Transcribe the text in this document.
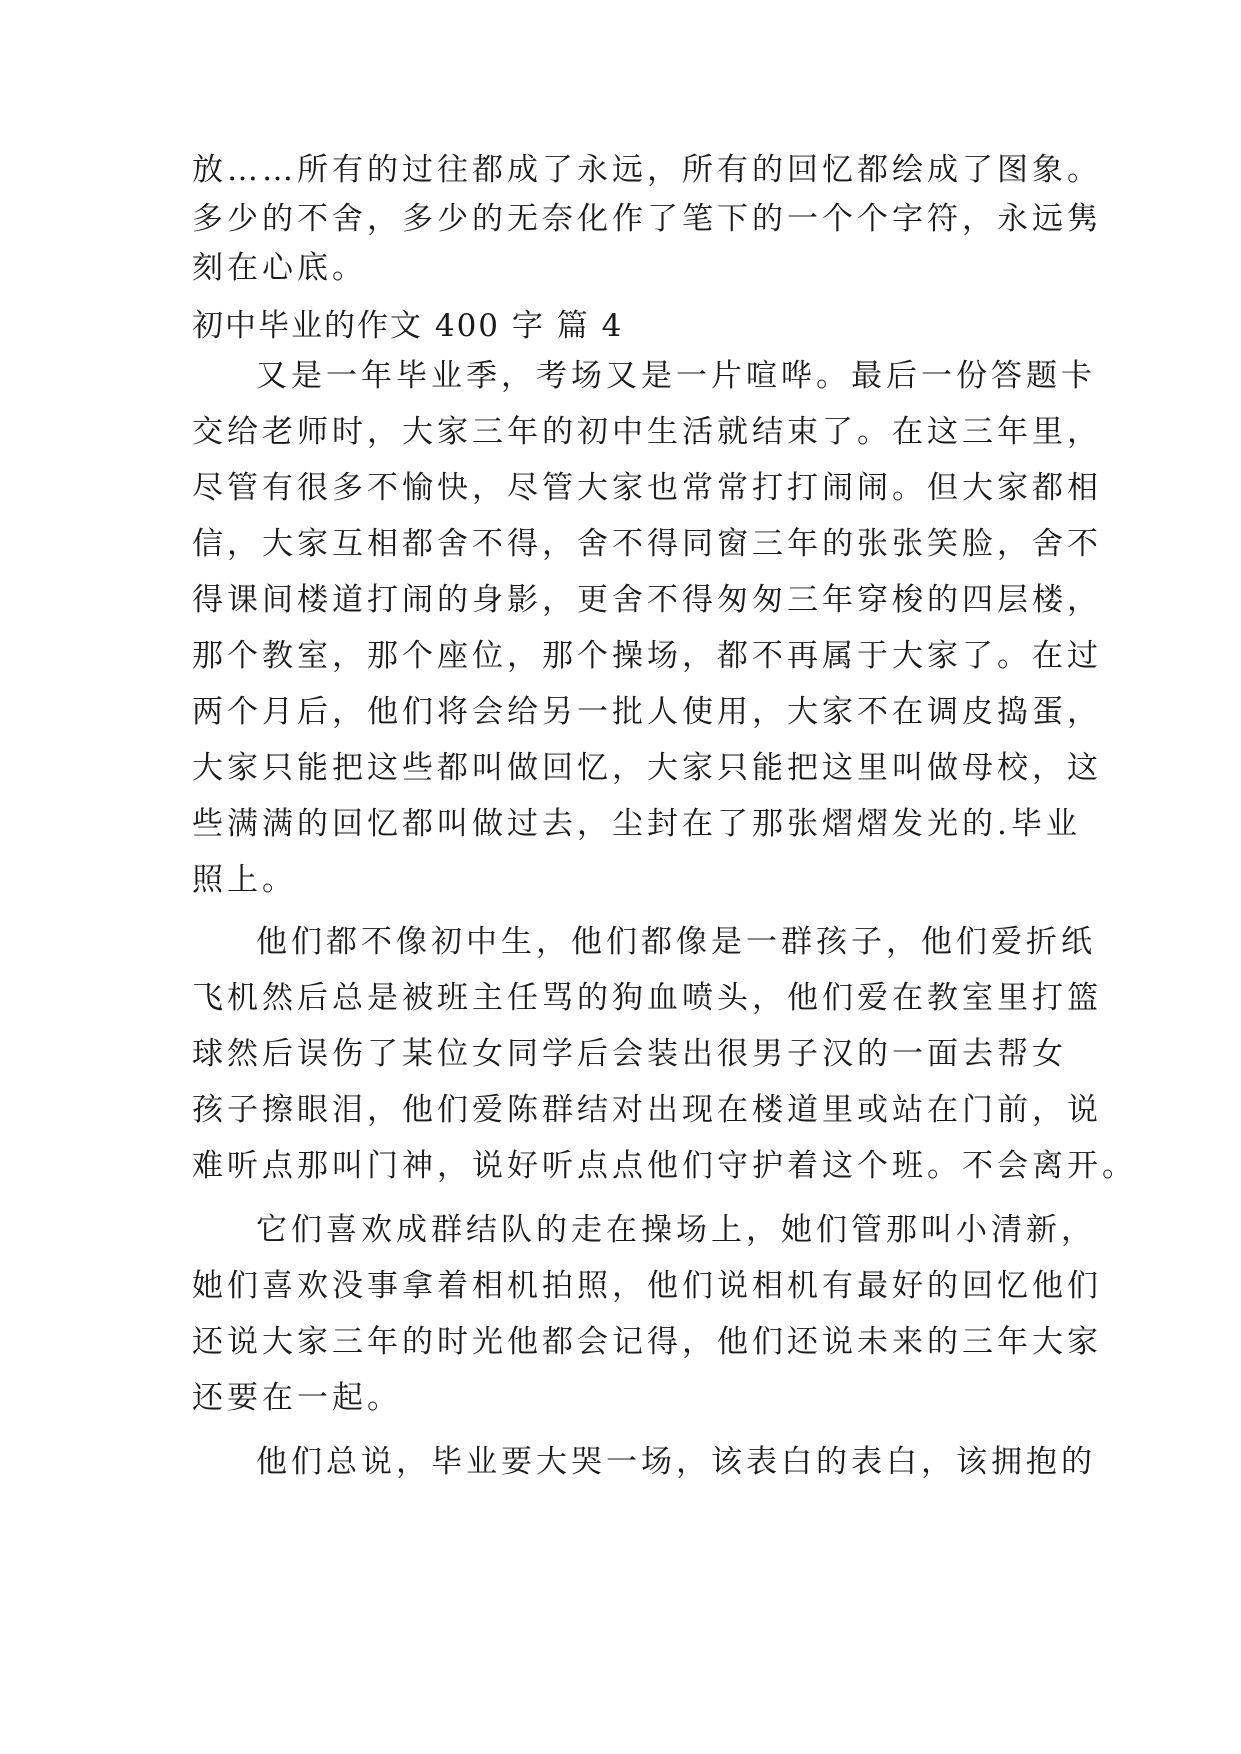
放……所有的过往都成了永远，所有的回忆都绘成了图象。
多少的不舍，多少的无奈化作了笔下的一个个字符，永远隽
刻在心底。
初中毕业的作文 400 字 篇 4
又是一年毕业季，考场又是一片喧哗。最后一份答题卡
交给老师时，大家三年的初中生活就结束了。在这三年里，
尽管有很多不愉快，尽管大家也常常打打闹闹。但大家都相
信，大家互相都舍不得，舍不得同窗三年的张张笑脸，舍不
得课间楼道打闹的身影，更舍不得匆匆三年穿梭的四层楼，
那个教室，那个座位，那个操场，都不再属于大家了。在过
两个月后，他们将会给另一批人使用，大家不在调皮捣蛋，
大家只能把这些都叫做回忆，大家只能把这里叫做母校，这
些满满的回忆都叫做过去，尘封在了那张熠熠发光的.毕业
照上。
他们都不像初中生，他们都像是一群孩子，他们爱折纸
飞机然后总是被班主任骂的狗血喷头，他们爱在教室里打篮
球然后误伤了某位女同学后会装出很男子汉的一面去帮女
孩子擦眼泪，他们爱陈群结对出现在楼道里或站在门前，说
难听点那叫门神，说好听点点他们守护着这个班。不会离开。
它们喜欢成群结队的走在操场上，她们管那叫小清新，
她们喜欢没事拿着相机拍照，他们说相机有最好的回忆他们
还说大家三年的时光他都会记得，他们还说未来的三年大家
还要在一起。
他们总说，毕业要大哭一场，该表白的表白，该拥抱的
